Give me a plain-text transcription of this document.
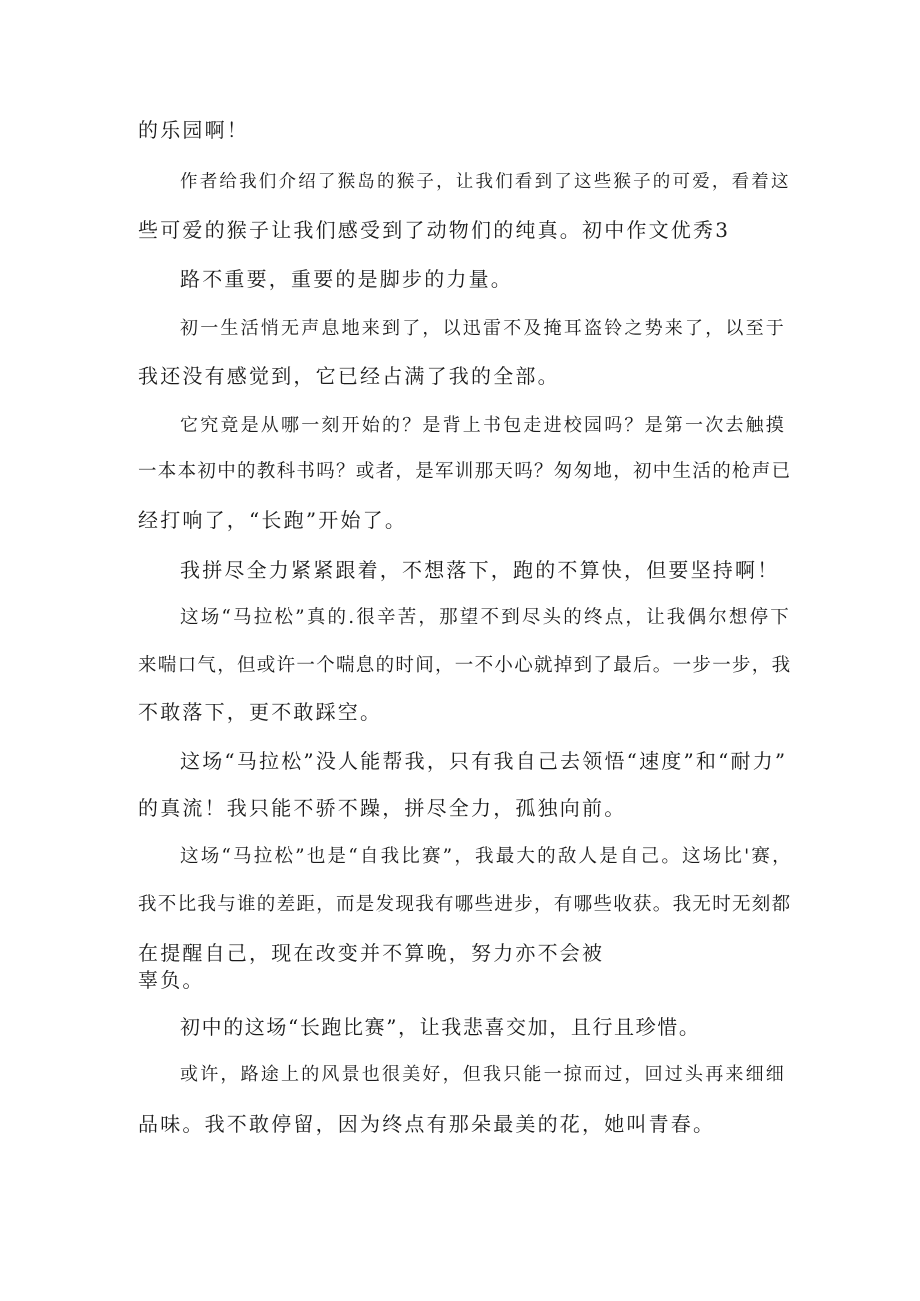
的乐园啊！
作者给我们介绍了猴岛的猴子，让我们看到了这些猴子的可爱，看着这
些可爱的猴子让我们感受到了动物们的纯真。初中作文优秀3
路不重要，重要的是脚步的力量。
初一生活悄无声息地来到了，以迅雷不及掩耳盗铃之势来了，以至于
我还没有感觉到，它已经占满了我的全部。
它究竟是从哪一刻开始的？是背上书包走进校园吗？是第一次去触摸
一本本初中的教科书吗？或者，是军训那天吗？匆匆地，初中生活的枪声已
经打响了，“长跑”开始了。
我拼尽全力紧紧跟着，不想落下，跑的不算快，但要坚持啊！
这场“马拉松”真的.很辛苦，那望不到尽头的终点，让我偶尔想停下
来喘口气，但或许一个喘息的时间，一不小心就掉到了最后。一步一步，我
不敢落下，更不敢踩空。
这场“马拉松”没人能帮我，只有我自己去领悟“速度”和“耐力”
的真流！我只能不骄不躁，拼尽全力，孤独向前。
这场“马拉松”也是“自我比赛”，我最大的敌人是自己。这场比'赛，
我不比我与谁的差距，而是发现我有哪些进步，有哪些收获。我无时无刻都
在提醒自己，现在改变并不算晚，努力亦不会被
辜负。
初中的这场“长跑比赛”，让我悲喜交加，且行且珍惜。
或许，路途上的风景也很美好，但我只能一掠而过，回过头再来细细
品味。我不敢停留，因为终点有那朵最美的花，她叫青春。
